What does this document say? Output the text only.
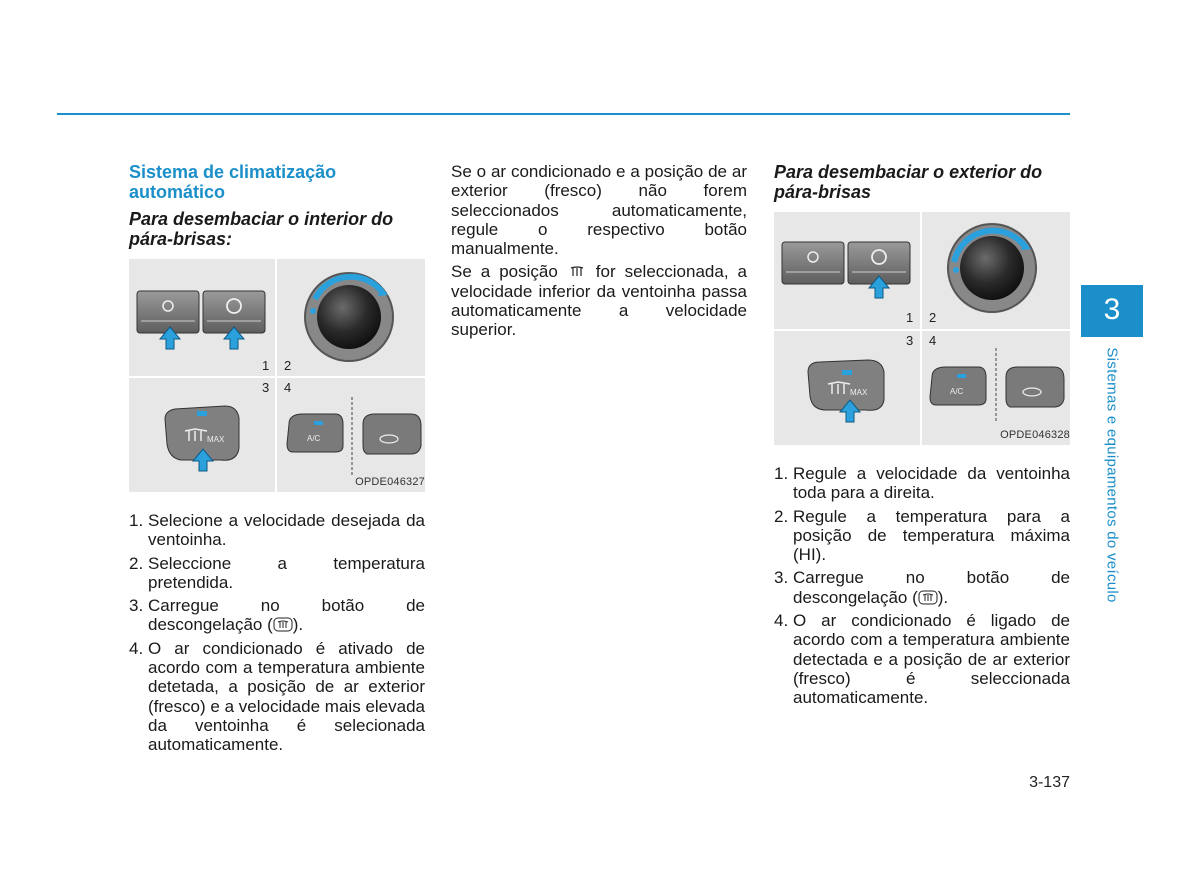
Sistema de climatização automático
Para desembaciar o interior do pára-brisas:
1 2
3 4
MAX	A/C
OPDE046327
1. Selecione a velocidade desejada da ventoinha.
2. Seleccione a temperatura pretendida.
3. Carregue no botão de descongelação ( ).
4. O ar condicionado é ativado de acordo com a temperatura ambiente detetada, a posição de ar exterior (fresco) e a velocidade mais elevada da ventoinha é selecionada automaticamente.
Se o ar condicionado e a posição de ar exterior (fresco) não forem seleccionados automaticamente, regule o respectivo botão manualmente.
Se a posição for seleccionada, a velocidade inferior da ventoinha passa automaticamente a velocidade superior.
Para desembaciar o exterior do pára-brisas
1 2
3 4
MAX	A/C
OPDE046328
1. Regule a velocidade da ventoinha toda para a direita.
2. Regule a temperatura para a posição de temperatura máxima (HI).
3. Carregue no botão de descongelação ( ).
4. O ar condicionado é ligado de acordo com a temperatura ambiente detectada e a posição de ar exterior (fresco) é seleccionada automaticamente.
3
Sistemas e equipamentos do veículo
3-137
